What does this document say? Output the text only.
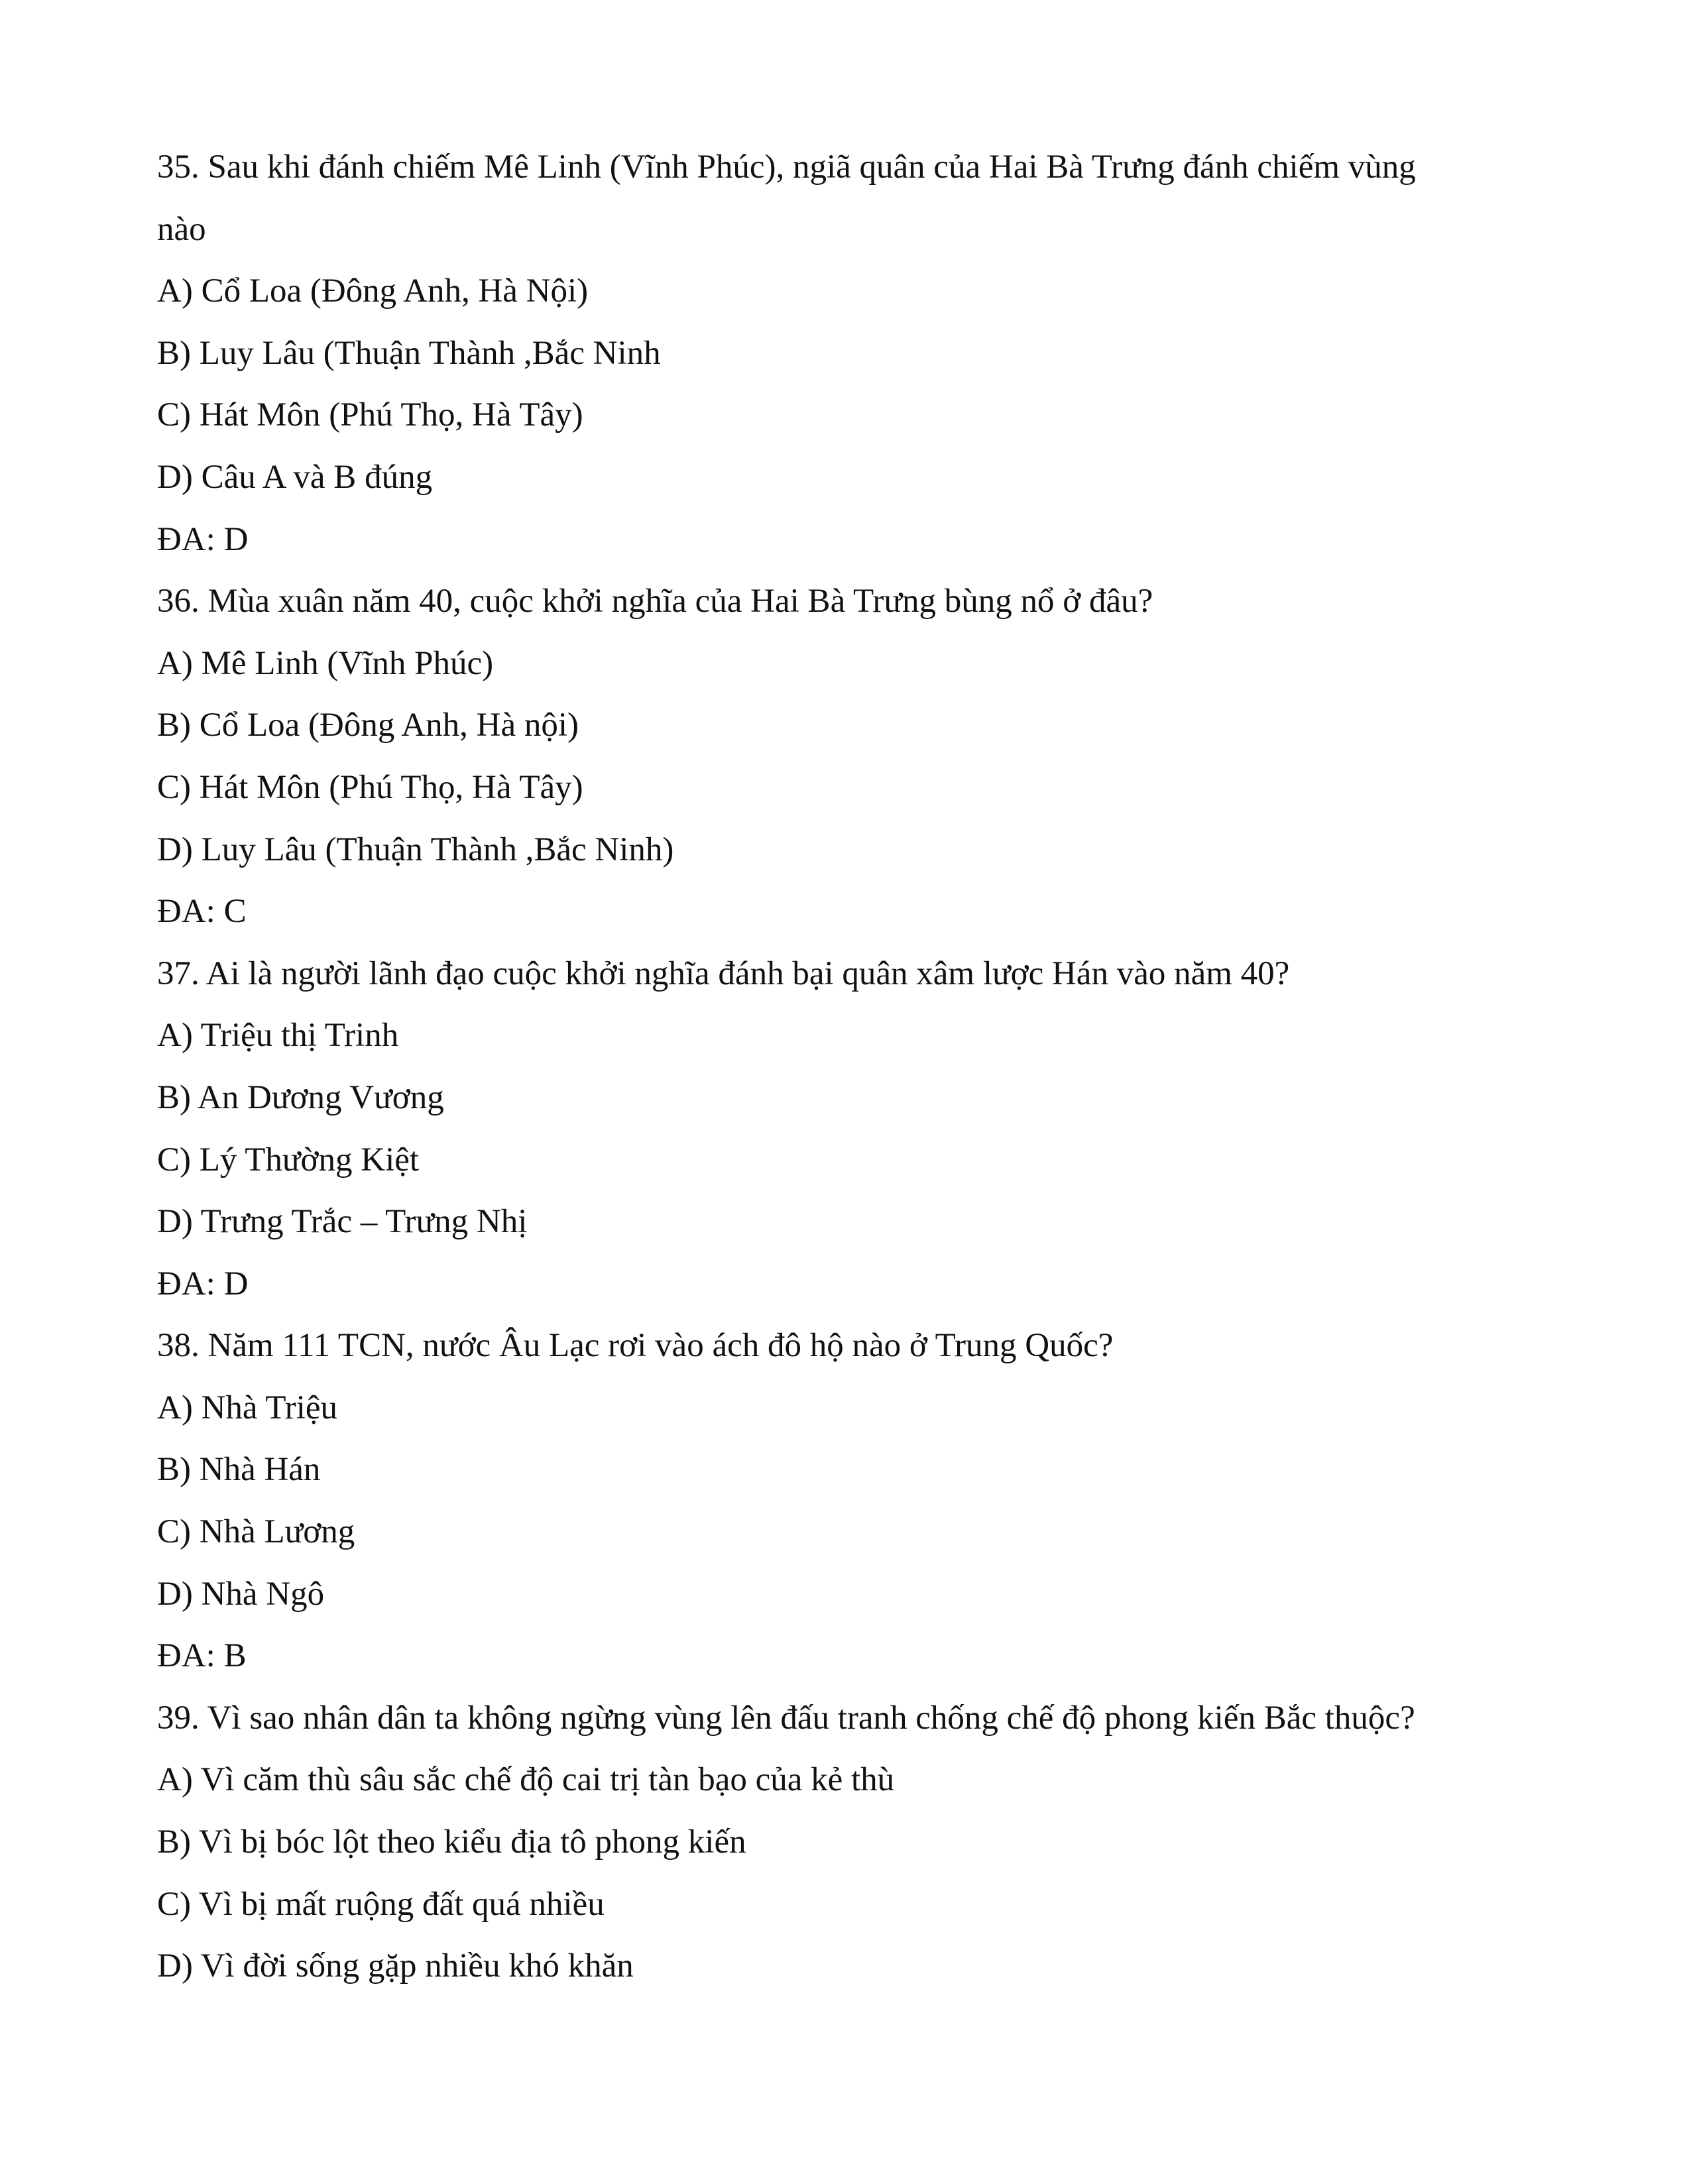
35. Sau khi đánh chiếm Mê Linh (Vĩnh Phúc), ngiã quân của Hai Bà Trưng đánh chiếm vùng
nào
A) Cổ Loa (Đông Anh, Hà Nội)
B) Luy Lâu (Thuận Thành ,Bắc Ninh
C) Hát Môn (Phú Thọ, Hà Tây)
D) Câu A và B đúng
ĐA: D
36. Mùa xuân năm 40, cuộc khởi nghĩa của Hai Bà Trưng bùng nổ ở đâu?
A) Mê Linh (Vĩnh Phúc)
B) Cổ Loa (Đông Anh, Hà nội)
C) Hát Môn (Phú Thọ, Hà Tây)
D) Luy Lâu (Thuận Thành ,Bắc Ninh)
ĐA: C
37. Ai là người lãnh đạo cuộc khởi nghĩa đánh bại quân xâm lược Hán vào năm 40?
A) Triệu thị Trinh
B) An Dương Vương
C) Lý Thường Kiệt
D) Trưng Trắc – Trưng Nhị
ĐA: D
38. Năm 111 TCN, nước Âu Lạc rơi vào ách đô hộ nào ở Trung Quốc?
A) Nhà Triệu
B) Nhà Hán
C) Nhà Lương
D) Nhà Ngô
ĐA: B
39. Vì sao nhân dân ta không ngừng vùng lên đấu tranh chống chế độ phong kiến Bắc thuộc?
A) Vì căm thù sâu sắc chế độ cai trị tàn bạo của kẻ thù
B) Vì bị bóc lột theo kiểu địa tô phong kiến
C) Vì bị mất ruộng đất quá nhiều
D) Vì đời sống gặp nhiều khó khăn
